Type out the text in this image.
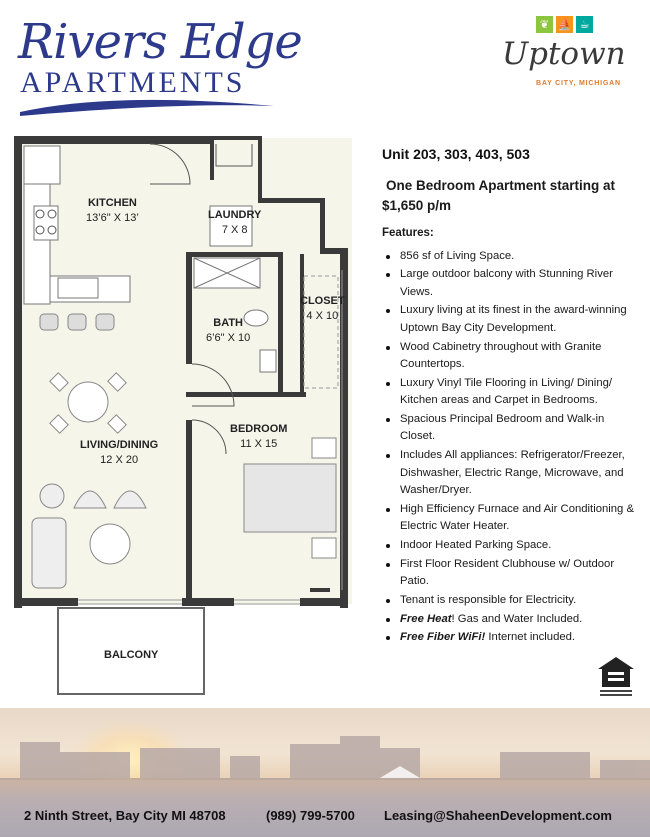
Rivers Edge
APARTMENTS
❦ ⛵ ☕
Uptown
BAY CITY, MICHIGAN
KITCHEN
13’6" X 13’	LAUNDRY
7 X 8
CLOSET
4 X 10
BATH
6’6" X 10
BEDROOM
11 X 15
LIVING/DINING
12 X 20
BALCONY
Unit 203, 303, 403, 503
One Bedroom Apartment starting at
$1,650 p/m
Features:
856 sf of Living Space.
Large outdoor balcony with Stunning River Views.
Luxury living at its finest in the award-winning Uptown Bay City Development.
Wood Cabinetry throughout with Granite Countertops.
Luxury Vinyl Tile Flooring in Living/ Dining/ Kitchen areas and Carpet in Bedrooms.
Spacious Principal Bedroom and Walk-in Closet.
Includes All appliances: Refrigerator/Freezer, Dishwasher, Electric Range, Microwave, and Washer/Dryer.
High Efficiency Furnace and Air Conditioning & Electric Water Heater.
Indoor Heated Parking Space.
First Floor Resident Clubhouse w/ Outdoor Patio.
Tenant is responsible for Electricity.
Free Heat! Gas and Water Included.
Free Fiber WiFi! Internet included.
2 Ninth Street, Bay City MI 48708	(989) 799-5700 Leasing@ShaheenDevelopment.com
